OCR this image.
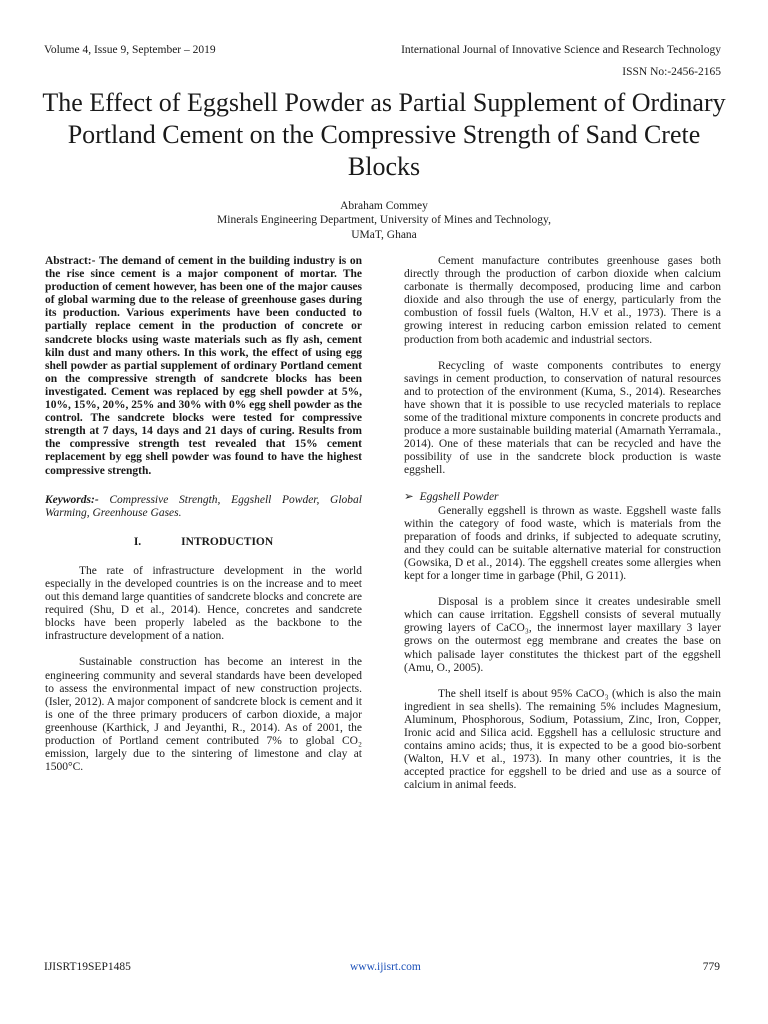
Volume 4, Issue 9, September – 2019	International Journal of Innovative Science and Research Technology
ISSN No:-2456-2165
The Effect of Eggshell Powder as Partial Supplement of Ordinary Portland Cement on the Compressive Strength of Sand Crete Blocks
Abraham Commey
Minerals Engineering Department, University of Mines and Technology,
UMaT, Ghana

Abstract:- The demand of cement in the building industry is on the rise since cement is a major component of mortar. The production of cement however, has been one of the major causes of global warming due to the release of greenhouse gases during its production. Various experiments have been conducted to partially replace cement in the production of concrete or sandcrete blocks using waste materials such as fly ash, cement kiln dust and many others. In this work, the effect of using egg shell powder as partial supplement of ordinary Portland cement on the compressive strength of sandcrete blocks has been investigated. Cement was replaced by egg shell powder at 5%, 10%, 15%, 20%, 25% and 30% with 0% egg shell powder as the control. The sandcrete blocks were tested for compressive strength at 7 days, 14 days and 21 days of curing. Results from the compressive strength test revealed that 15% cement replacement by egg shell powder was found to have the highest compressive strength.

Keywords:- Compressive Strength, Eggshell Powder, Global Warming, Greenhouse Gases.

I.	INTRODUCTION

The rate of infrastructure development in the world especially in the developed countries is on the increase and to meet out this demand large quantities of sandcrete blocks and concrete are required (Shu, D et al., 2014). Hence, concretes and sandcrete blocks have been properly labeled as the backbone to the infrastructure development of a nation.

Sustainable construction has become an interest in the engineering community and several standards have been developed to assess the environmental impact of new construction projects. (Isler, 2012). A major component of sandcrete block is cement and it is one of the three primary producers of carbon dioxide, a major greenhouse (Karthick, J and Jeyanthi, R., 2014). As of 2001, the production of Portland cement contributed 7% to global CO₂ emission, largely due to the sintering of limestone and clay at 1500°C.

Cement manufacture contributes greenhouse gases both directly through the production of carbon dioxide when calcium carbonate is thermally decomposed, producing lime and carbon dioxide and also through the use of energy, particularly from the combustion of fossil fuels (Walton, H.V et al., 1973). There is a growing interest in reducing carbon emission related to cement production from both academic and industrial sectors.

Recycling of waste components contributes to energy savings in cement production, to conservation of natural resources and to protection of the environment (Kuma, S., 2014). Researches have shown that it is possible to use recycled materials to replace some of the traditional mixture components in concrete products and produce a more sustainable building material (Amarnath Yerramala., 2014). One of these materials that can be recycled and have the possibility of use in the sandcrete block production is waste eggshell.

➢ Eggshell Powder

Generally eggshell is thrown as waste. Eggshell waste falls within the category of food waste, which is materials from the preparation of foods and drinks, if subjected to adequate scrutiny, and they could can be suitable alternative material for construction (Gowsika, D et al., 2014). The eggshell creates some allergies when kept for a longer time in garbage (Phil, G 2011).

Disposal is a problem since it creates undesirable smell which can cause irritation. Eggshell consists of several mutually growing layers of CaCO₃, the innermost layer maxillary 3 layer grows on the outermost egg membrane and creates the base on which palisade layer constitutes the thickest part of the eggshell (Amu, O., 2005).

The shell itself is about 95% CaCO₃ (which is also the main ingredient in sea shells). The remaining 5% includes Magnesium, Aluminum, Phosphorous, Sodium, Potassium, Zinc, Iron, Copper, Ironic acid and Silica acid. Eggshell has a cellulosic structure and contains amino acids; thus, it is expected to be a good bio-sorbent (Walton, H.V et al., 1973). In many other countries, it is the accepted practice for eggshell to be dried and use as a source of calcium in animal feeds.

IJISRT19SEP1485	www.ijisrt.com	779
